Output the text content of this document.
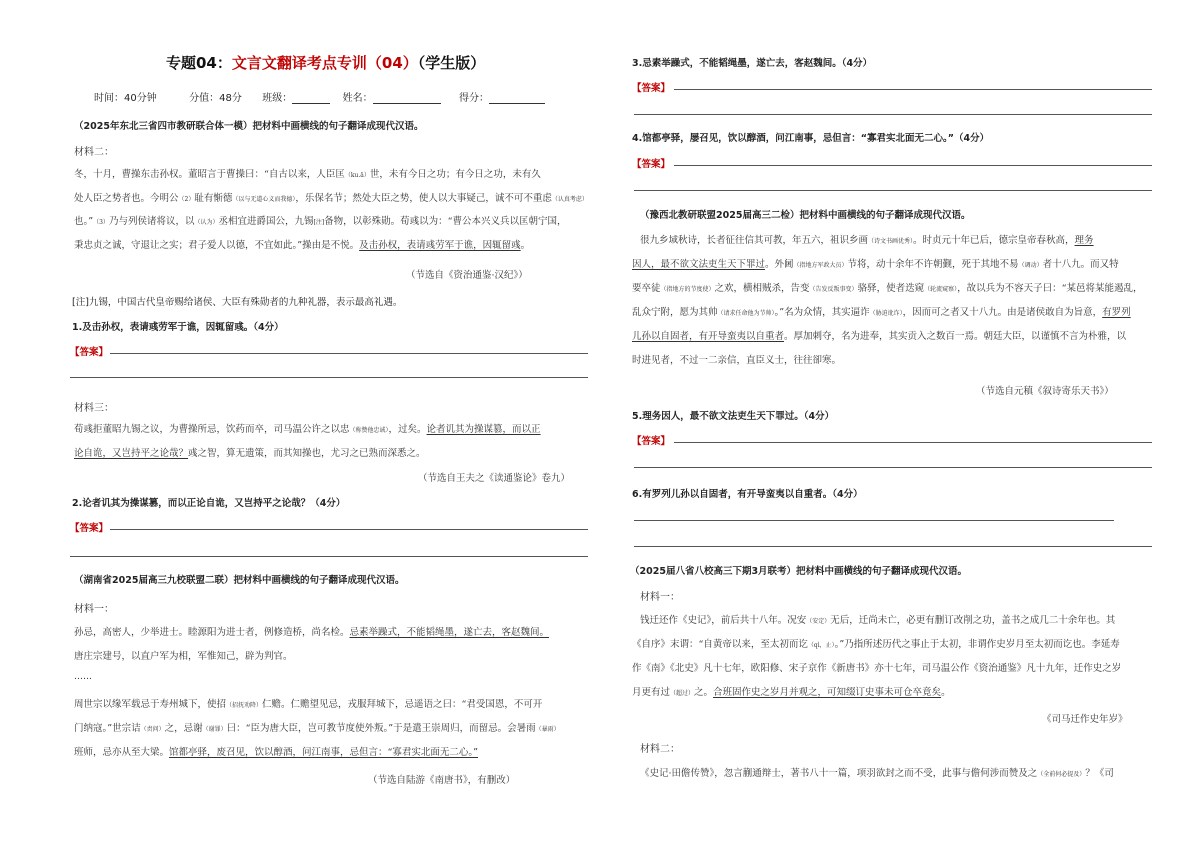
专题04：文言文翻译考点专训（04）（学生版）
时间：40分钟	分值：48分 班级：	姓名：	得分：
（2025年东北三省四市教研联合体一模）把材料中画横线的句子翻译成现代汉语。
材料二：
冬，十月，曹操东击孙权。董昭言于曹操曰：“自古以来，人臣匡（ku.ā）世，未有今日之功；有今日之功，未有久
处人臣之势者也。今明公（2）耻有惭德（以与无道心义而我德），乐保名节；然处大臣之势，使人以大事疑己，诚不可不重虑（认真考虑）
也。”（3）乃与列侯诸将议，以（认为）丞相宜进爵国公，九锡[注]备物，以彰殊勋。荀彧以为：“曹公本兴义兵以匡朝宁国，
秉忠贞之诚，守退让之实；君子爱人以德，不宜如此。”操由是不悦。及击孙权，表请彧劳军于谯，因辄留彧。
（节选自《资治通鉴·汉纪》）
[注]九锡，中国古代皇帝赐给诸侯、大臣有殊勋者的九种礼器，表示最高礼遇。
1.及击孙权，表请彧劳军于谯，因辄留彧。（4分）
【答案】
材料三：
荀彧拒董昭九锡之议，为曹操所忌，饮药而卒，司马温公许之以忠（称赞他忠诚），过矣。论者讥其为操谋篡，而以正
论自诡，又岂持平之论哉？彧之智，算无遗策，而其知操也，尤习之已熟而深悉之。
（节选自王夫之《读通鉴论》卷九）
2.论者讥其为操谋篡，而以正论自诡，又岂持平之论哉？（4分）
【答案】
（湖南省2025届高三九校联盟二联）把材料中画横线的句子翻译成现代汉语。
材料一：
孙忌，高密人，少举进士。睦源阳为进士者，例修造桥，尚名检。忌素举躁式，不能韬绳墨，遂亡去，客赵魏间。
唐庄宗建号，以直户军为相，军惟知己，辟为判官。
……
周世宗以缘军载忌于寿州城下，使招（招抚劝降）仁赡。仁赡望见忌，戎服拜城下，忌遥语之曰：“君受国恩，不可开
门纳寇。”世宗诘（责问）之，忌谢（谢罪）曰：“臣为唐大臣，岂可教节度使外叛。”于是遣王崇周归，而留忌。会暑雨（暴雨）
班师，忌亦从至大梁。馆都亭驿，废召见，饮以醇酒，问江南事，忌但言：“寡君实北面无二心。”
（节选自陆游《南唐书》，有删改）
3.忌素举躁式，不能韬绳墨，遂亡去，客赵魏间。（4分）
【答案】
4.馆都亭驿，屡召见，饮以醇酒，问江南事，忌但言：“寡君实北面无二心。”（4分）
【答案】
（豫西北教研联盟2025届高三二检）把材料中画横线的句子翻译成现代汉语。
很九乡域秋诗，长者征往信其可教，年五六，祖识乡画（诗文书画优秀）。时贞元十年已后，德宗皇帝春秋高，理务
因人，最不欲文法吏生天下罪过。外阃（指地方军政大员）节将，动十余年不许朝觐，死于其地不易（调动）者十八九。而又特
要卒徒（指地方的节度使）之欢，横相贼杀，告变（告发反叛事变）骆驿，使者迭窥（轮流窥察），故以兵为不容天子曰：“某邑将某能遏乱，
乱众宁附，愿为其帅（请求任命他为节帅）。”名为众情，其实逼诈（胁迫讹诈），因而可之者又十八九。由是诸侯敢自为旨意，有罗列
儿孙以自固者，有开导蛮夷以自重者。厚加刺夺，名为进奉，其实贡入之数百一焉。朝廷大臣，以谨慎不言为朴雅，以
时进见者，不过一二亲信，直臣义士，往往卻寒。
（节选自元稹《叙诗寄乐天书》）
5.理务因人，最不欲文法吏生天下罪过。（4分）
【答案】
6.有罗列儿孙以自固者，有开导蛮夷以自重者。（4分）
（2025届八省八校高三下期3月联考）把材料中画横线的句子翻译成现代汉语。
材料一：
钱迁还作《史记》，前后共十八年。况安（安定）无后，迁尚未亡，必更有删订改削之功，盖书之成几二十余年也。其
《自序》末谓：“自黄帝以来，至太初而讫（qì，止）。”乃指所述历代之事止于太初，非谓作史岁月至太初而讫也。李延寿
作《南》《北史》凡十七年，欧阳修、宋子京作《新唐书》亦十七年，司马温公作《资治通鉴》凡十九年，迁作史之岁
月更有过（超过）之。合班固作史之岁月并观之，可知缀订史事未可仓卒竟矣。
《司马迁作史年岁》
材料二：
《史记·田儋传赞》，忽言蒯通辩士，著书八十一篇，项羽欲封之而不受，此事与儋何涉而赞及之（全前何必提及）？《司
